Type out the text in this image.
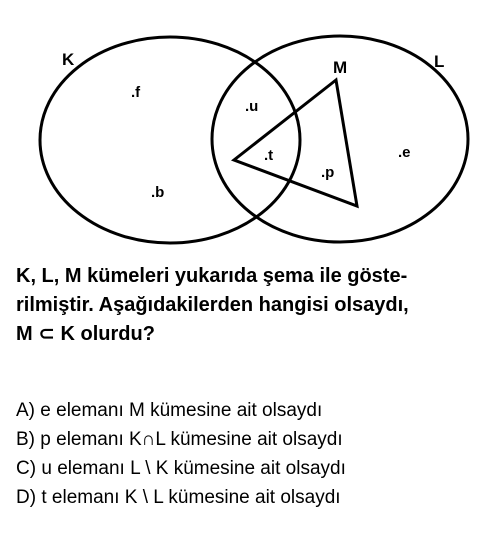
K	L
M
.f
.b
.u
.t
.p
.e

K, L, M kümeleri yukarıda şema ile göste-
rilmiştir. Aşağıdakilerden hangisi olsaydı,
M ⊂ K olurdu?

A) e elemanı M kümesine ait olsaydı
B) p elemanı K∩L kümesine ait olsaydı
C) u elemanı L \ K kümesine ait olsaydı
D) t elemanı K \ L kümesine ait olsaydı
